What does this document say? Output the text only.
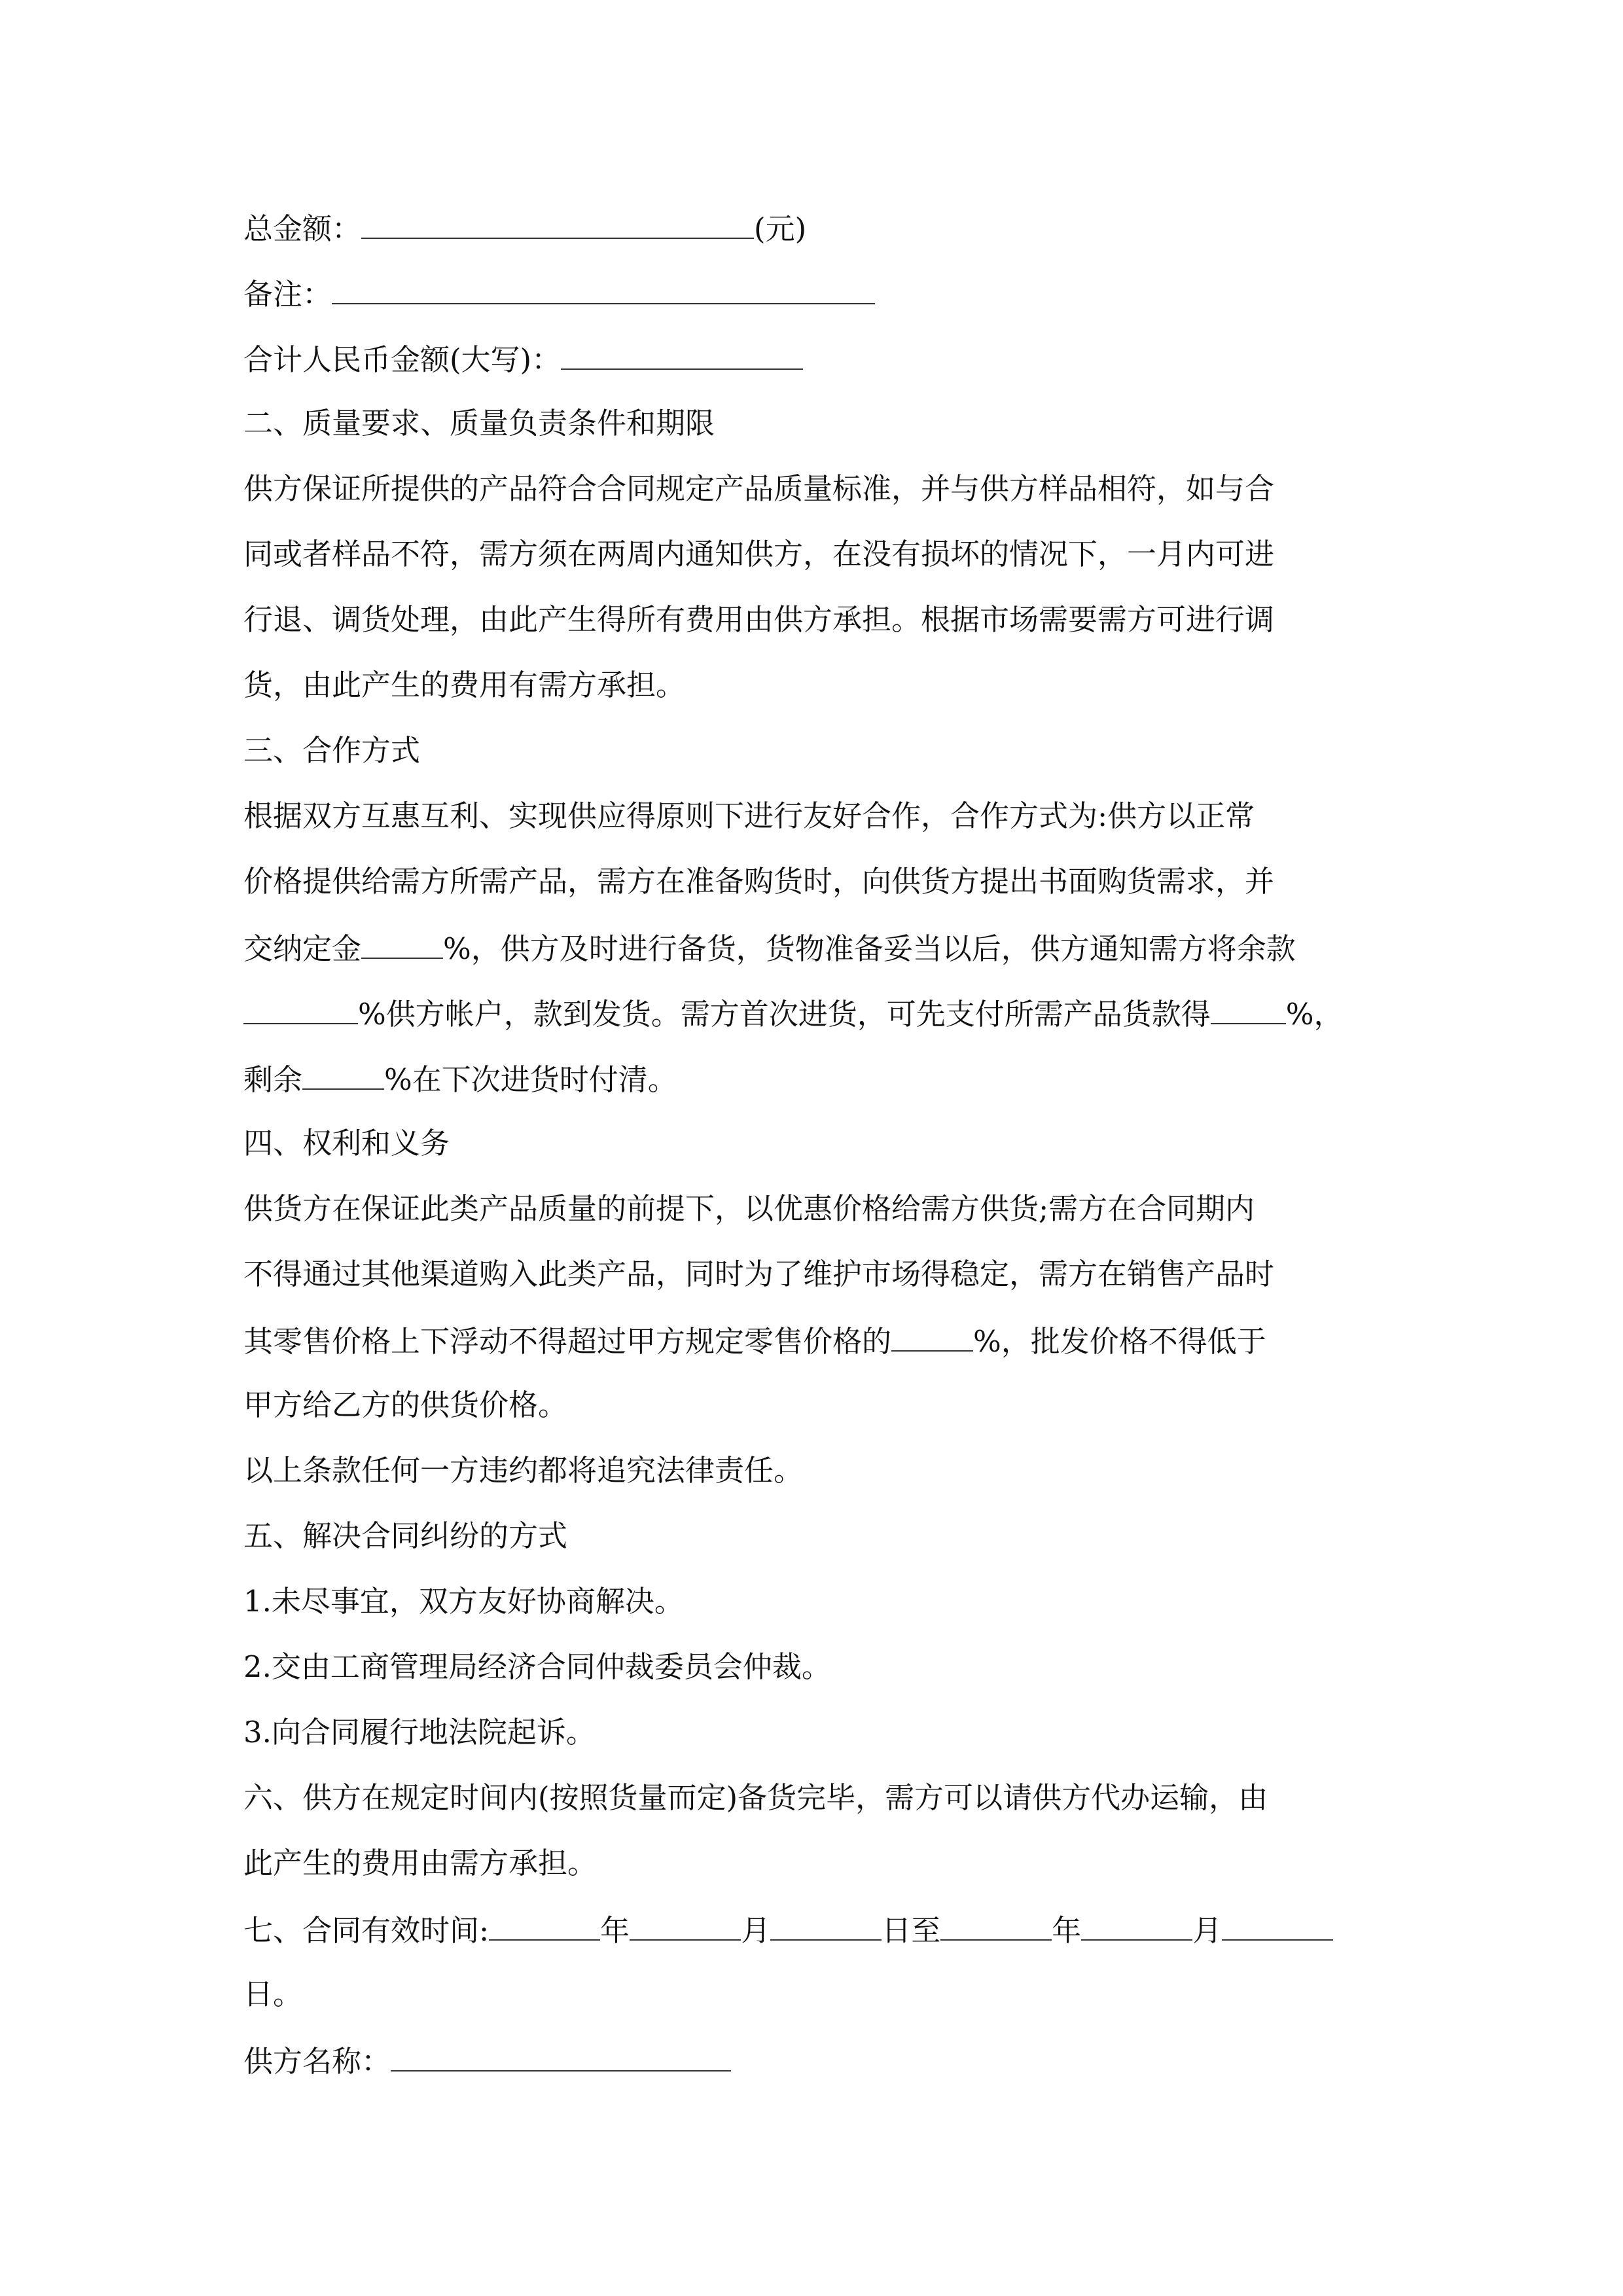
总金额：	(元)

备注：

合计人民币金额(大写)：

二、质量要求、质量负责条件和期限

供方保证所提供的产品符合合同规定产品质量标准，并与供方样品相符，如与合

同或者样品不符，需方须在两周内通知供方，在没有损坏的情况下，一月内可进

行退、调货处理，由此产生得所有费用由供方承担。根据市场需要需方可进行调

货，由此产生的费用有需方承担。

三、合作方式

根据双方互惠互利、实现供应得原则下进行友好合作，合作方式为:供方以正常

价格提供给需方所需产品，需方在准备购货时，向供货方提出书面购货需求，并

交纳定金	%，供方及时进行备货，货物准备妥当以后，供方通知需方将余款

%供方帐户，款到发货。需方首次进货，可先支付所需产品货款得	%，

剩余	%在下次进货时付清。

四、权利和义务

供货方在保证此类产品质量的前提下，以优惠价格给需方供货;需方在合同期内

不得通过其他渠道购入此类产品，同时为了维护市场得稳定，需方在销售产品时

其零售价格上下浮动不得超过甲方规定零售价格的	%，批发价格不得低于

甲方给乙方的供货价格。

以上条款任何一方违约都将追究法律责任。

五、解决合同纠纷的方式

1.未尽事宜，双方友好协商解决。

2.交由工商管理局经济合同仲裁委员会仲裁。

3.向合同履行地法院起诉。

六、供方在规定时间内(按照货量而定)备货完毕，需方可以请供方代办运输，由

此产生的费用由需方承担。

七、合同有效时间:	年	月	日至	年	月

日。

供方名称：
